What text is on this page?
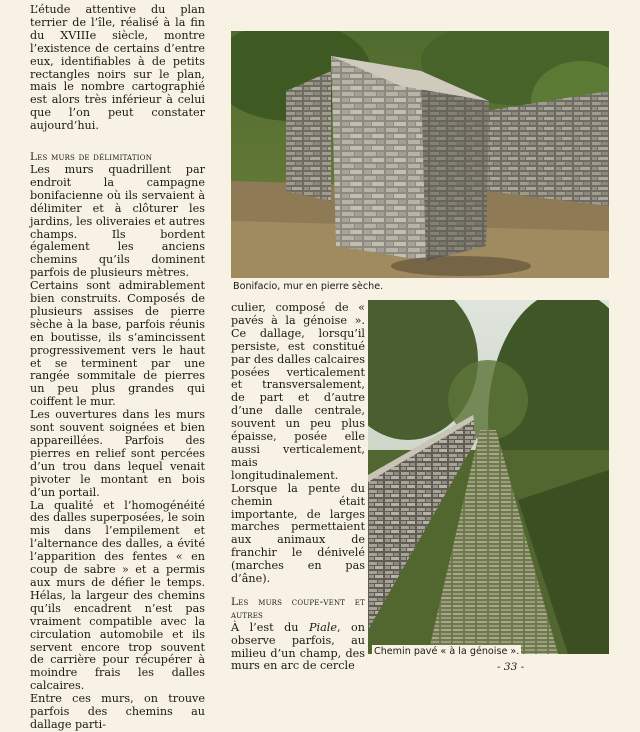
L’étude attentive du plan terrier de l’île, réalisé à la fin du XVIIIe siècle, montre l’existence de certains d’entre eux, identifiables à de petits rectangles noirs sur le plan, mais le nombre cartographié est alors très inférieur à celui que l’on peut constater aujourd’hui.

Les murs de délimitation

Les murs quadrillent par endroit la campagne bonifacienne où ils servaient à délimiter et à clôturer les jardins, les oliveraies et autres champs. Ils bordent également les anciens chemins qu’ils dominent parfois de plusieurs mètres.

Certains sont admirablement bien construits. Composés de plusieurs assises de pierre sèche à la base, parfois réunis en boutisse, ils s’amincissent progressivement vers le haut et se terminent par une rangée sommitale de pierres un peu plus grandes qui coiffent le mur.

Les ouvertures dans les murs sont souvent soignées et bien appareillées. Parfois des pierres en relief sont percées d’un trou dans lequel venait pivoter le montant en bois d’un portail.

La qualité et l’homogénéité des dalles superposées, le soin mis dans l’empilement et l’alternance des dalles, a évité l’apparition des fentes « en coup de sabre » et a permis aux murs de défier le temps. Hélas, la largeur des chemins qu’ils encadrent n’est pas vraiment compatible avec la circulation automobile et ils servent encore trop souvent de carrière pour récupérer à moindre frais les dalles calcaires.

Entre ces murs, on trouve parfois des chemins au dallage parti-

Bonifacio, mur en pierre sèche.

culier, composé de « pavés à la génoise ». Ce dallage, lorsqu’il persiste, est constitué par des dalles calcaires posées verticalement et transversalement, de part et d’autre d’une dalle centrale, souvent un peu plus épaisse, posée elle aussi verticalement, mais longitudinalement. Lorsque la pente du chemin était importante, de larges marches permettaient aux animaux de franchir le dénivelé (marches en pas d’âne).

Les murs coupe-vent et autres

À l’est du Piale, on observe parfois, au milieu d’un champ, des murs en arc de cercle

Chemin pavé « à la génoise ».
- 33 -
